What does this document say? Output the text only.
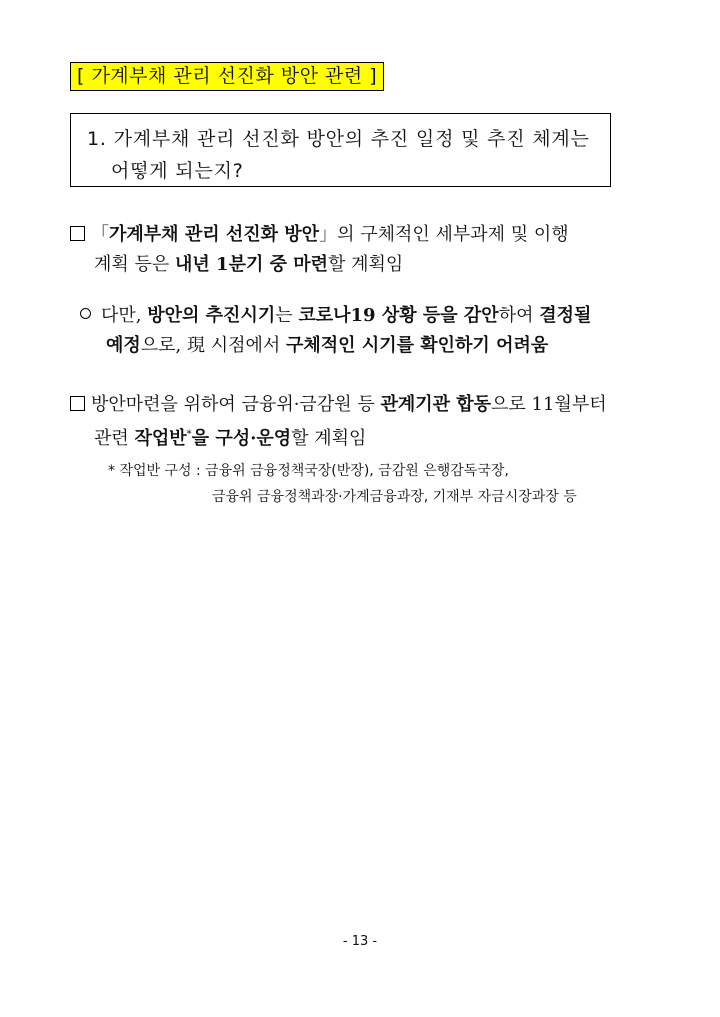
[ 가계부채 관리 선진화 방안 관련 ]
1. 가계부채 관리 선진화 방안의 추진 일정 및 추진 체계는
어떻게 되는지?
「가계부채 관리 선진화 방안」의 구체적인 세부과제 및 이행
계획 등은 내년 1분기 중 마련할 계획임
다만, 방안의 추진시기는 코로나19 상황 등을 감안하여 결정될
예정으로, 現 시점에서 구체적인 시기를 확인하기 어려움
방안마련을 위하여 금융위·금감원 등 관계기관 합동으로 11월부터
관련 작업반*을 구성·운영할 계획임
* 작업반 구성 : 금융위 금융정책국장(반장), 금감원 은행감독국장,
금융위 금융정책과장·가계금융과장, 기재부 자금시장과장 등
- 13 -
